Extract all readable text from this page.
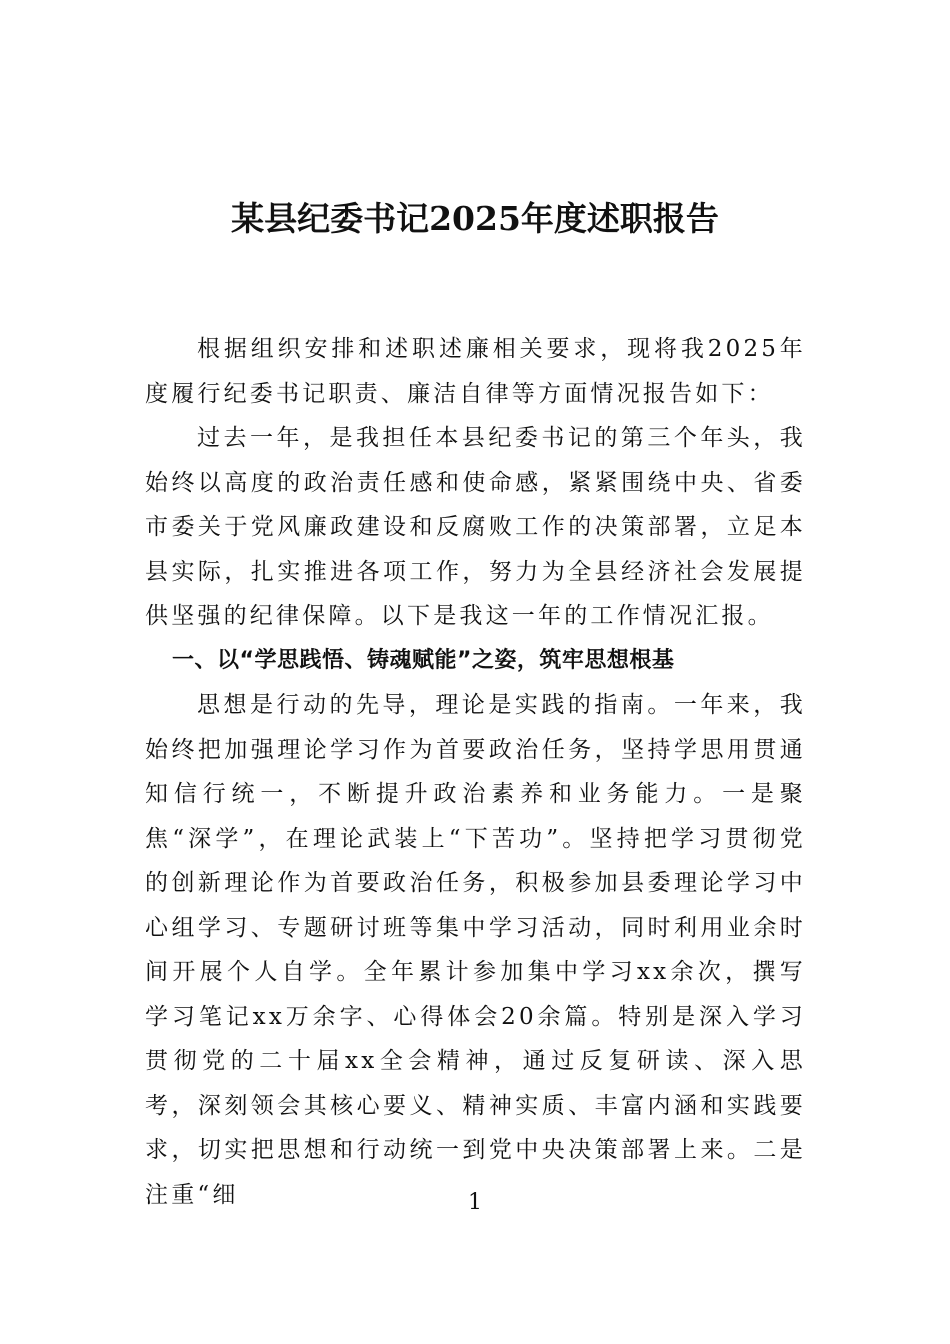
某县纪委书记2025年度述职报告

根据组织安排和述职述廉相关要求，现将我2025年度履行纪委书记职责、廉洁自律等方面情况报告如下：

过去一年，是我担任本县纪委书记的第三个年头，我始终以高度的政治责任感和使命感，紧紧围绕中央、省委市委关于党风廉政建设和反腐败工作的决策部署，立足本县实际，扎实推进各项工作，努力为全县经济社会发展提供坚强的纪律保障。以下是我这一年的工作情况汇报。

一、以“学思践悟、铸魂赋能”之姿，筑牢思想根基

思想是行动的先导，理论是实践的指南。一年来，我始终把加强理论学习作为首要政治任务，坚持学思用贯通知信行统一，不断提升政治素养和业务能力。一是聚焦“深学”，在理论武装上“下苦功”。坚持把学习贯彻党的创新理论作为首要政治任务，积极参加县委理论学习中心组学习、专题研讨班等集中学习活动，同时利用业余时间开展个人自学。全年累计参加集中学习xx余次，撰写学习笔记xx万余字、心得体会20余篇。特别是深入学习贯彻党的二十届xx全会精神，通过反复研读、深入思考，深刻领会其核心要义、精神实质、丰富内涵和实践要求，切实把思想和行动统一到党中央决策部署上来。二是注重“细	1
